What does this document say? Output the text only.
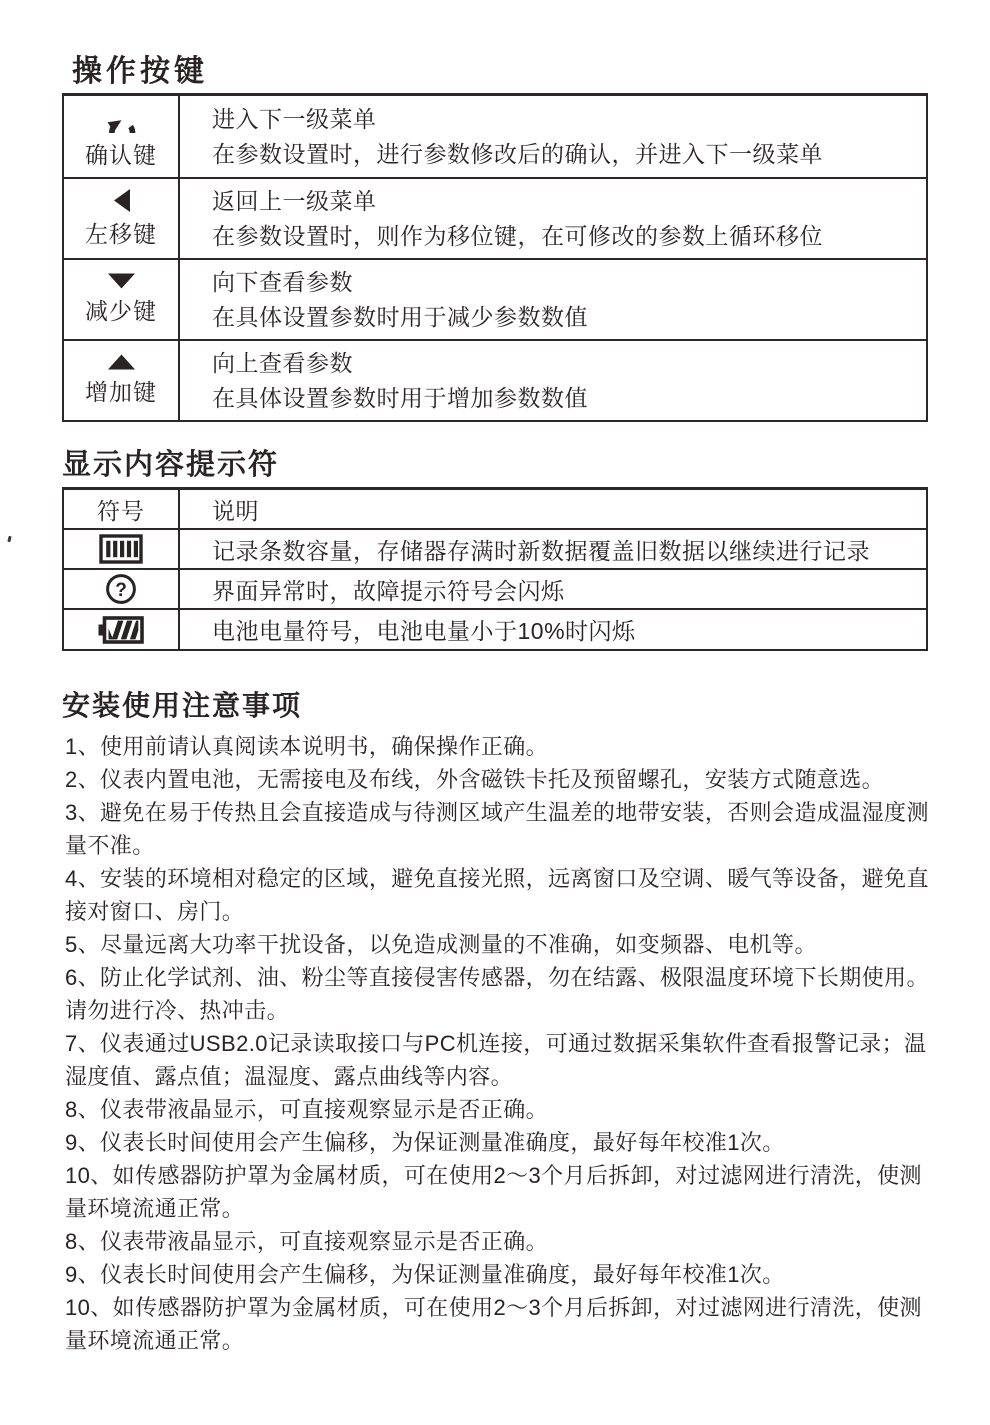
操作按键
确认键
进入下一级菜单
在参数设置时，进行参数修改后的确认，并进入下一级菜单
左移键
返回上一级菜单
在参数设置时，则作为移位键，在可修改的参数上循环移位
减少键
向下查看参数
在具体设置参数时用于减少参数数值
增加键
向上查看参数
在具体设置参数时用于增加参数数值
显示内容提示符
符号	说明
记录条数容量，存储器存满时新数据覆盖旧数据以继续进行记录
?	界面异常时，故障提示符号会闪烁
电池电量符号，电池电量小于10%时闪烁
安装使用注意事项
1、使用前请认真阅读本说明书，确保操作正确。
2、仪表内置电池，无需接电及布线，外含磁铁卡托及预留螺孔，安装方式随意选。
3、避免在易于传热且会直接造成与待测区域产生温差的地带安装，否则会造成温湿度测
量不准。
4、安装的环境相对稳定的区域，避免直接光照，远离窗口及空调、暖气等设备，避免直
接对窗口、房门。
5、尽量远离大功率干扰设备，以免造成测量的不准确，如变频器、电机等。
6、防止化学试剂、油、粉尘等直接侵害传感器，勿在结露、极限温度环境下长期使用。
请勿进行冷、热冲击。
7、仪表通过USB2.0记录读取接口与PC机连接，可通过数据采集软件查看报警记录；温
湿度值、露点值；温湿度、露点曲线等内容。
8、仪表带液晶显示，可直接观察显示是否正确。
9、仪表长时间使用会产生偏移，为保证测量准确度，最好每年校准1次。
10、如传感器防护罩为金属材质，可在使用2～3个月后拆卸，对过滤网进行清洗，使测
量环境流通正常。
8、仪表带液晶显示，可直接观察显示是否正确。
9、仪表长时间使用会产生偏移，为保证测量准确度，最好每年校准1次。
10、如传感器防护罩为金属材质，可在使用2～3个月后拆卸，对过滤网进行清洗，使测
量环境流通正常。
